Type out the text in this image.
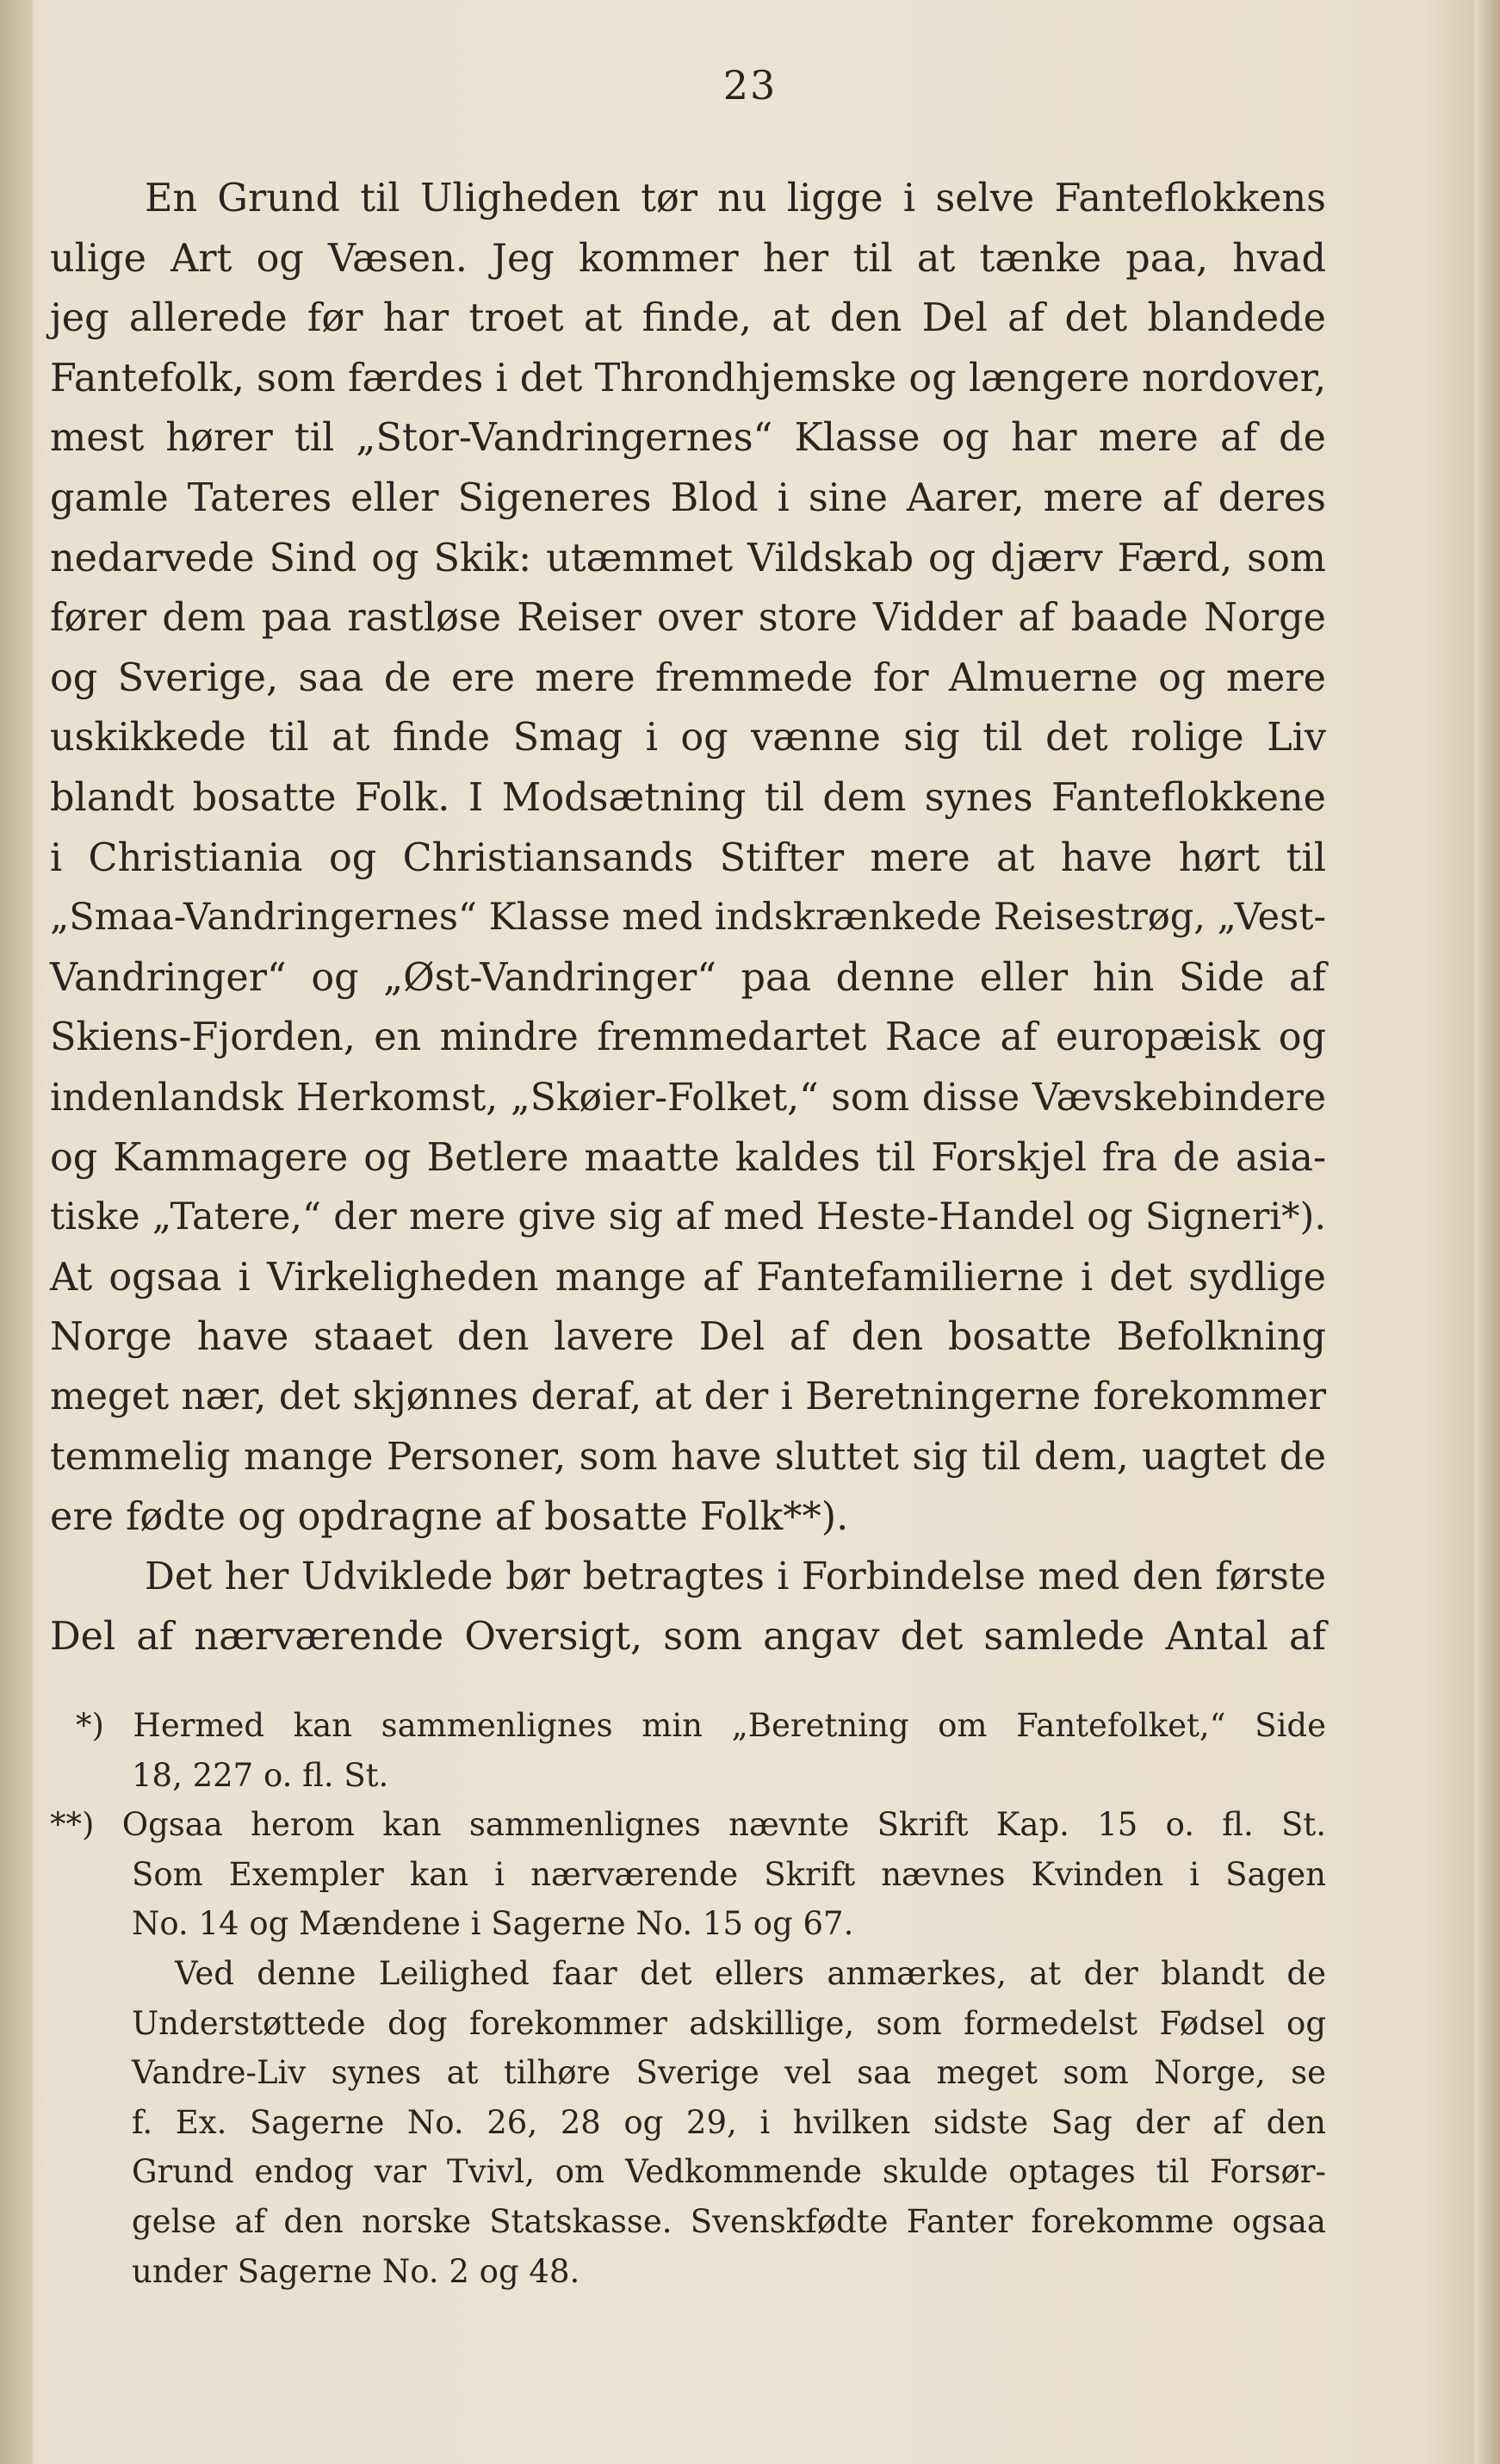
23
En Grund til Uligheden tør nu ligge i selve Fanteflokkens
ulige Art og Væsen. Jeg kommer her til at tænke paa, hvad
jeg allerede før har troet at finde, at den Del af det blandede
Fantefolk, som færdes i det Throndhjemske og længere nordover,
mest hører til „Stor-Vandringernes“ Klasse og har mere af de
gamle Tateres eller Sigeneres Blod i sine Aarer, mere af deres
nedarvede Sind og Skik: utæmmet Vildskab og djærv Færd, som
fører dem paa rastløse Reiser over store Vidder af baade Norge
og Sverige, saa de ere mere fremmede for Almuerne og mere
uskikkede til at finde Smag i og vænne sig til det rolige Liv
blandt bosatte Folk. I Modsætning til dem synes Fanteflokkene
i Christiania og Christiansands Stifter mere at have hørt til
„Smaa-Vandringernes“ Klasse med indskrænkede Reisestrøg, „Vest-
Vandringer“ og „Øst-Vandringer“ paa denne eller hin Side af
Skiens-Fjorden, en mindre fremmedartet Race af europæisk og
indenlandsk Herkomst, „Skøier-Folket,“ som disse Vævskebindere
og Kammagere og Betlere maatte kaldes til Forskjel fra de asia-
tiske „Tatere,“ der mere give sig af med Heste-Handel og Signeri*).
At ogsaa i Virkeligheden mange af Fantefamilierne i det sydlige
Norge have staaet den lavere Del af den bosatte Befolkning
meget nær, det skjønnes deraf, at der i Beretningerne forekommer
temmelig mange Personer, som have sluttet sig til dem, uagtet de
ere fødte og opdragne af bosatte Folk**).
Det her Udviklede bør betragtes i Forbindelse med den første
Del af nærværende Oversigt, som angav det samlede Antal af
*) Hermed kan sammenlignes min „Beretning om Fantefolket,“ Side
18, 227 o. fl. St.
**) Ogsaa herom kan sammenlignes nævnte Skrift Kap. 15 o. fl. St.
Som Exempler kan i nærværende Skrift nævnes Kvinden i Sagen
No. 14 og Mændene i Sagerne No. 15 og 67.
Ved denne Leilighed faar det ellers anmærkes, at der blandt de
Understøttede dog forekommer adskillige, som formedelst Fødsel og
Vandre-Liv synes at tilhøre Sverige vel saa meget som Norge, se
f. Ex. Sagerne No. 26, 28 og 29, i hvilken sidste Sag der af den
Grund endog var Tvivl, om Vedkommende skulde optages til Forsør-
gelse af den norske Statskasse. Svenskfødte Fanter forekomme ogsaa
under Sagerne No. 2 og 48.
